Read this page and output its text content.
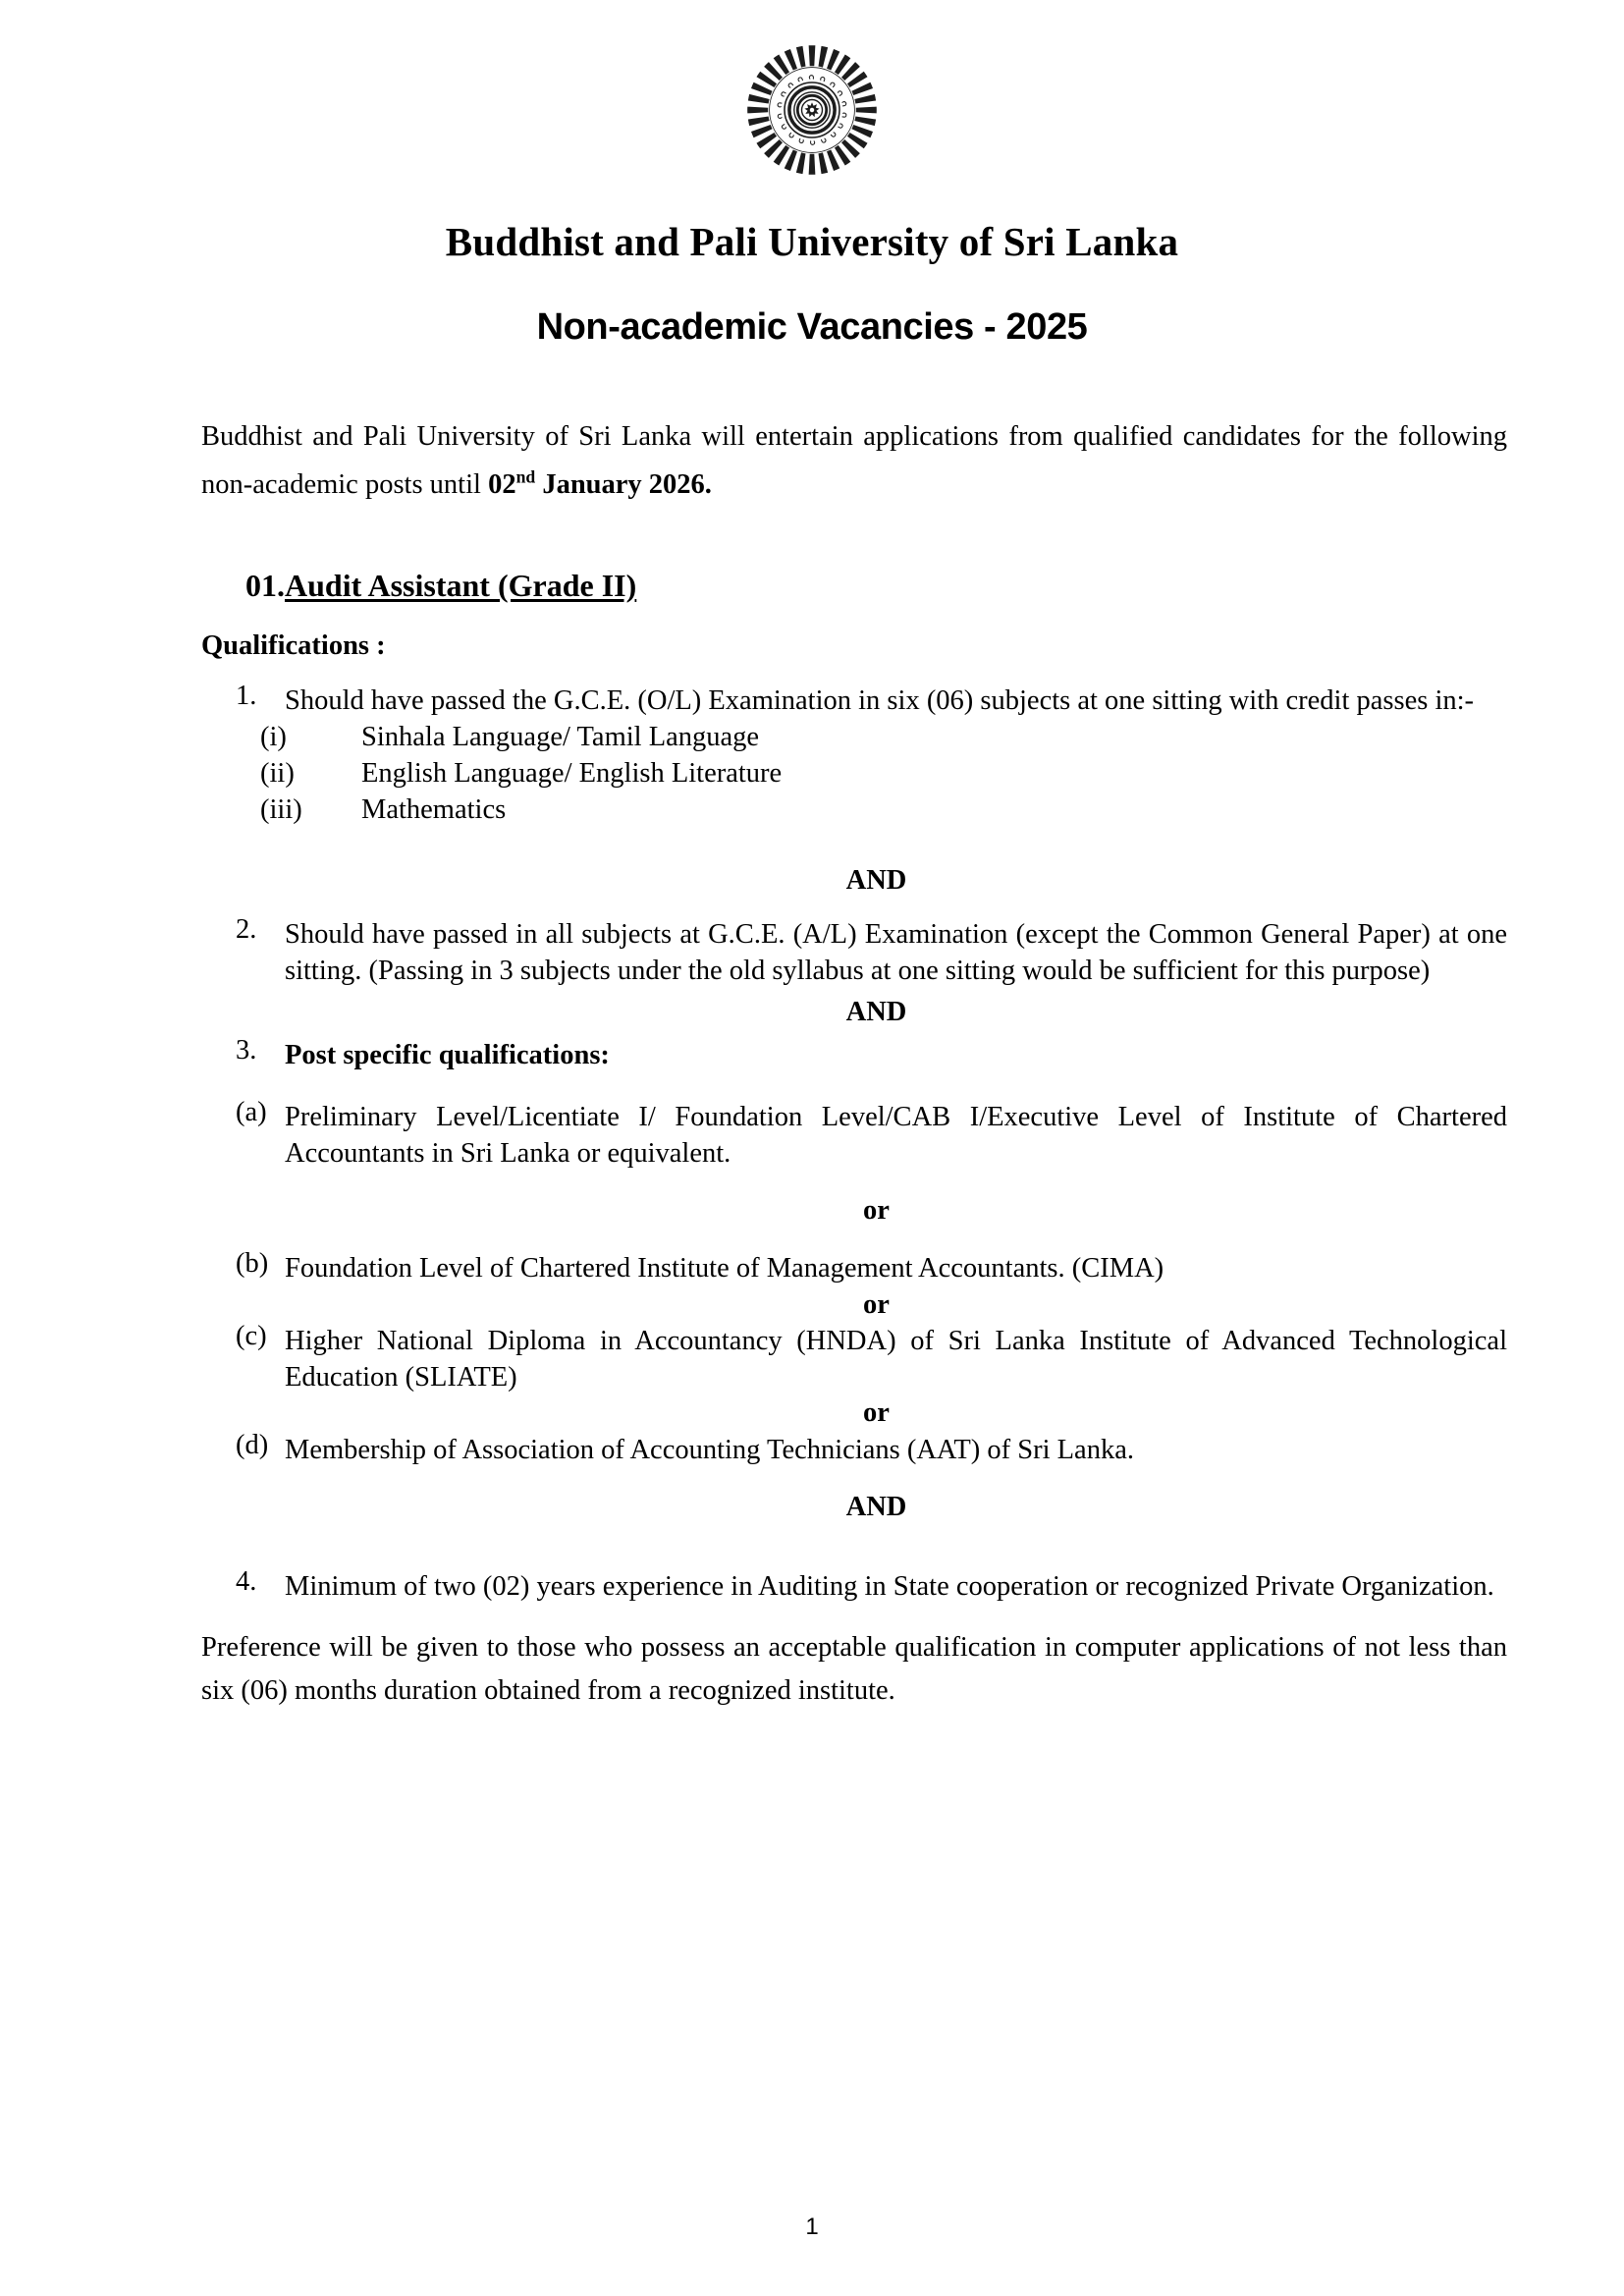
Buddhist and Pali University of Sri Lanka
Non-academic Vacancies - 2025

Buddhist and Pali University of Sri Lanka will entertain applications from qualified candidates for the following non-academic posts until 02nd January 2026.

01.Audit Assistant (Grade II)
Qualifications :
1.	Should have passed the G.C.E. (O/L) Examination in six (06) subjects at one sitting with credit passes in:-
(i)	Sinhala Language/ Tamil Language
(ii)	English Language/ English Literature
(iii)	Mathematics
AND
2.	Should have passed in all subjects at G.C.E. (A/L) Examination (except the Common General Paper) at one sitting. (Passing in 3 subjects under the old syllabus at one sitting would be sufficient for this purpose)
AND
3.	Post specific qualifications:
(a) Preliminary Level/Licentiate I/ Foundation Level/CAB I/Executive Level of Institute of Chartered Accountants in Sri Lanka or equivalent.
or
(b) Foundation Level of Chartered Institute of Management Accountants. (CIMA)
or
(c) Higher National Diploma in Accountancy (HNDA) of Sri Lanka Institute of Advanced Technological Education (SLIATE)
or
(d) Membership of Association of Accounting Technicians (AAT) of Sri Lanka.
AND
4.	Minimum of two (02) years experience in Auditing in State cooperation or recognized Private Organization.

Preference will be given to those who possess an acceptable qualification in computer applications of not less than six (06) months duration obtained from a recognized institute.

1
